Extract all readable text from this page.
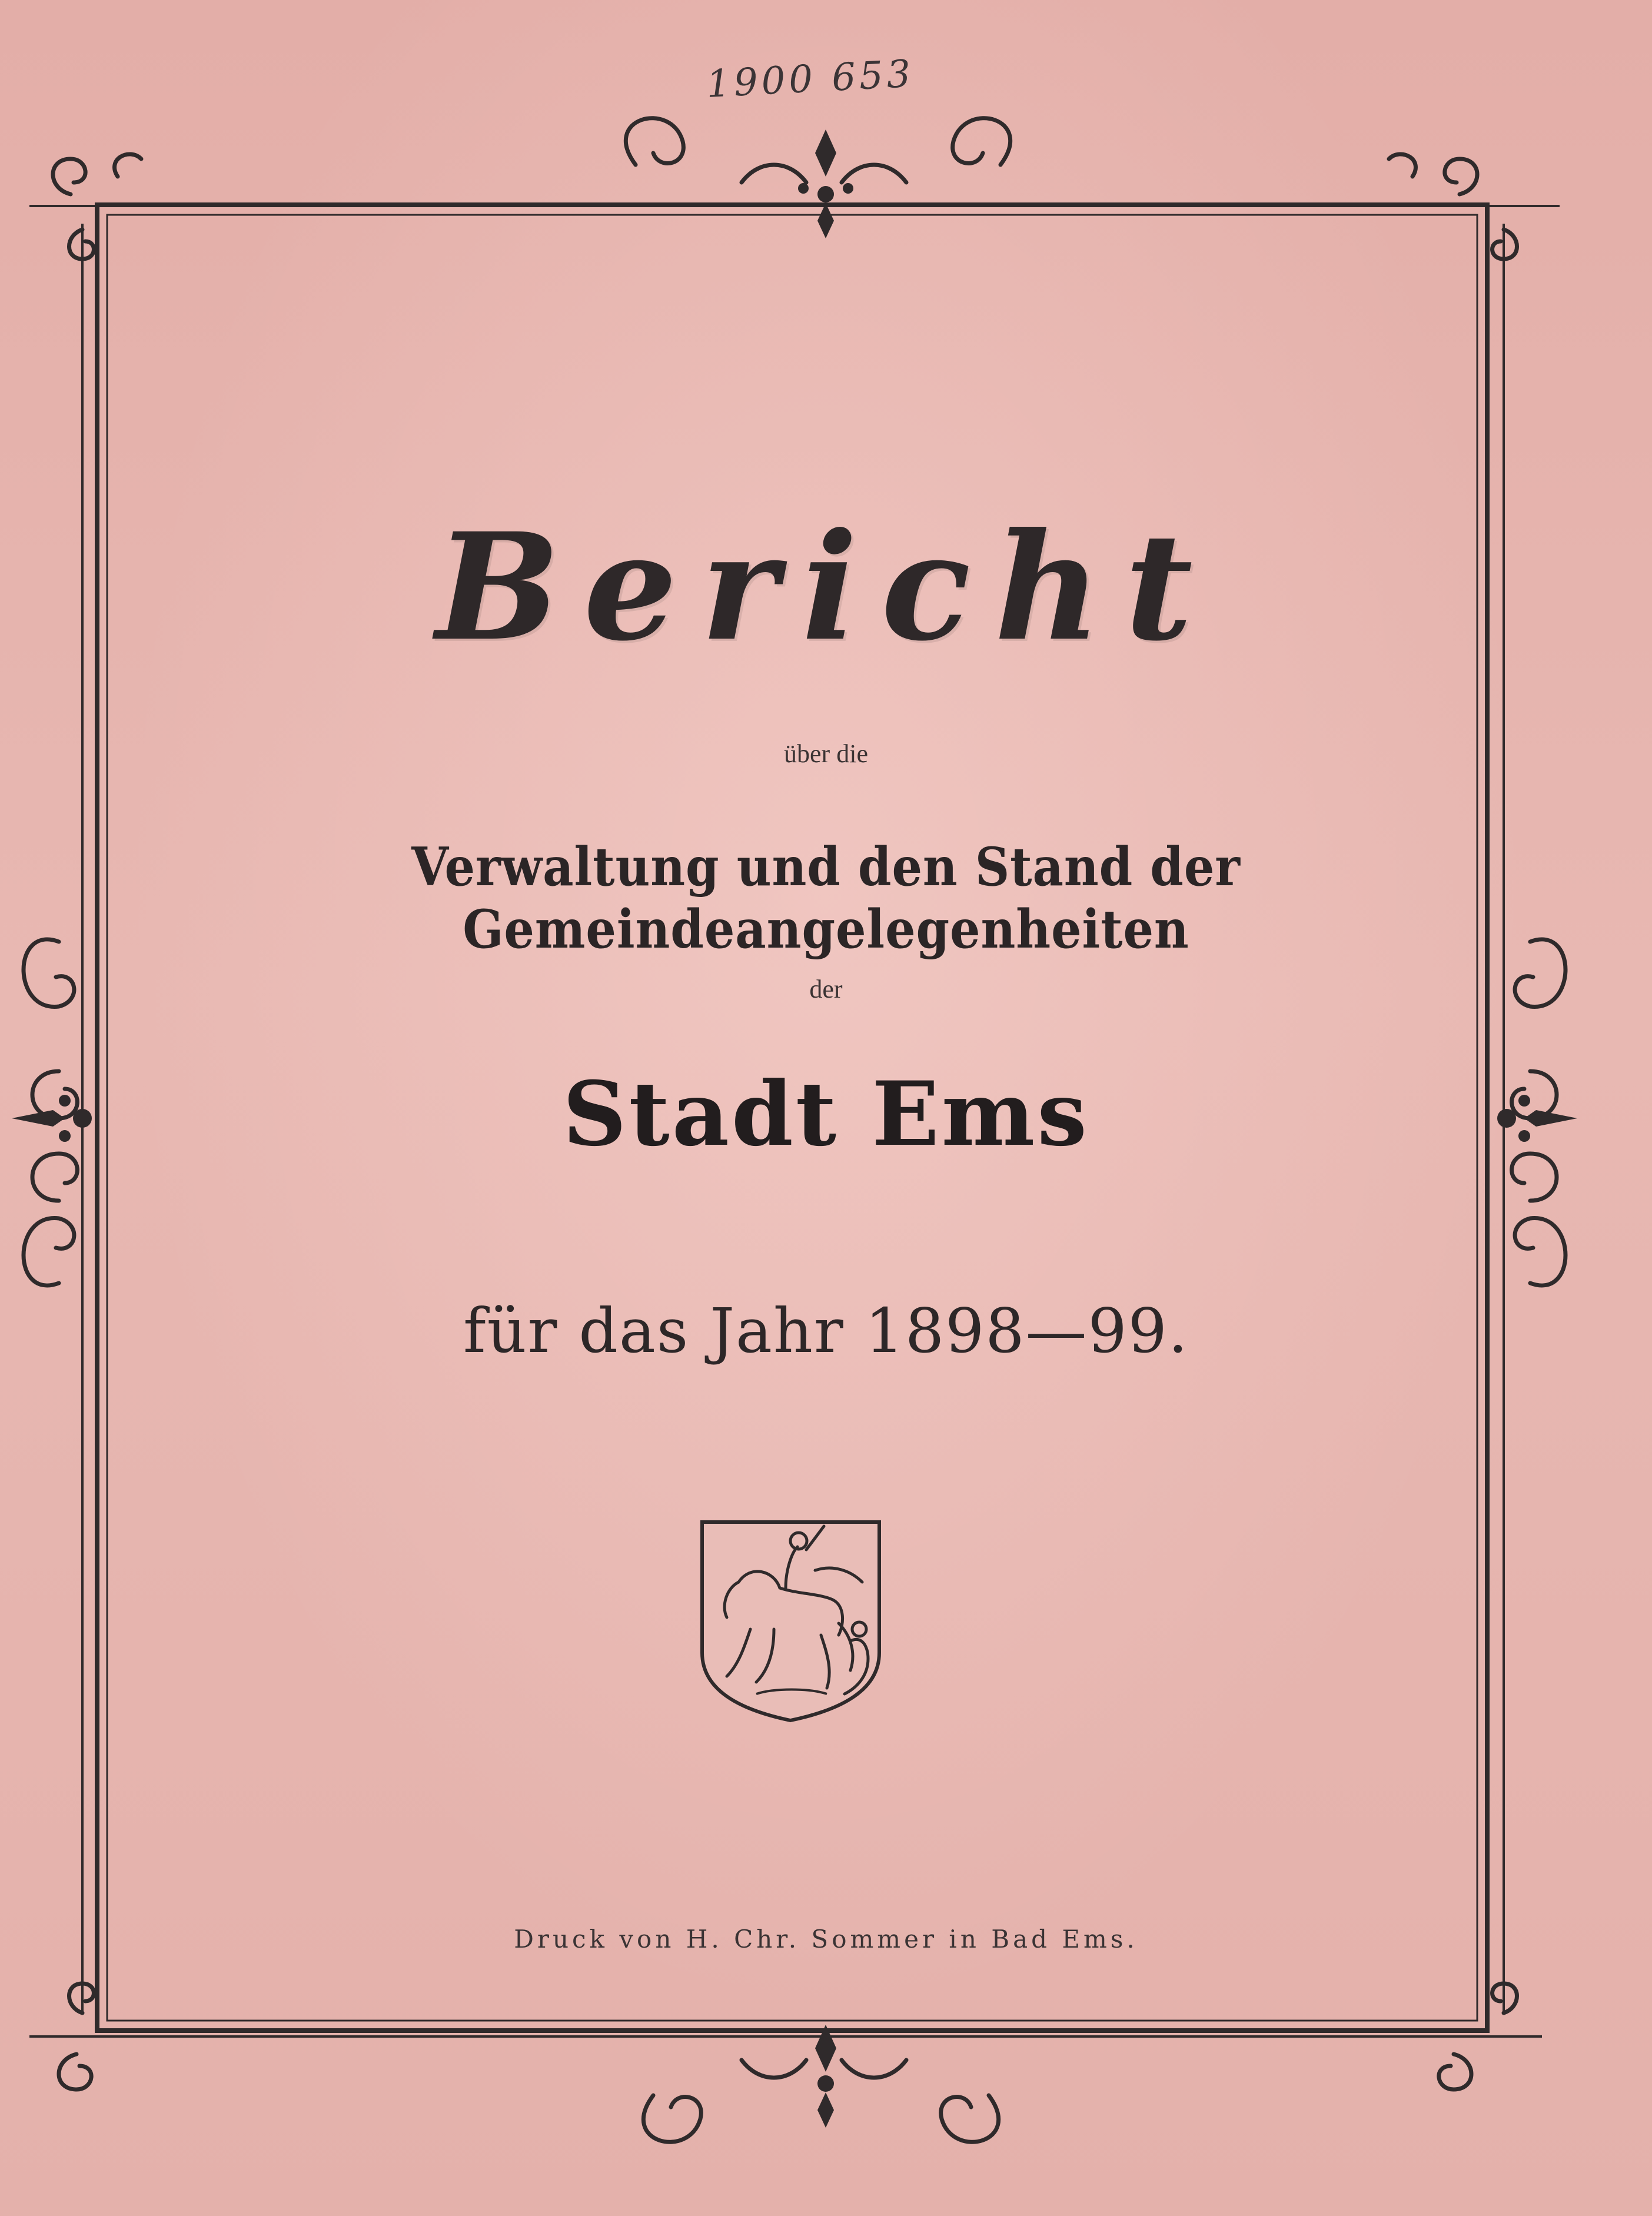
1900 653
Bericht
über die
Verwaltung und den Stand der Gemeindeangelegenheiten
der
Stadt Ems
für das Jahr 1898—99.
Druck von H. Chr. Sommer in Bad Ems.
